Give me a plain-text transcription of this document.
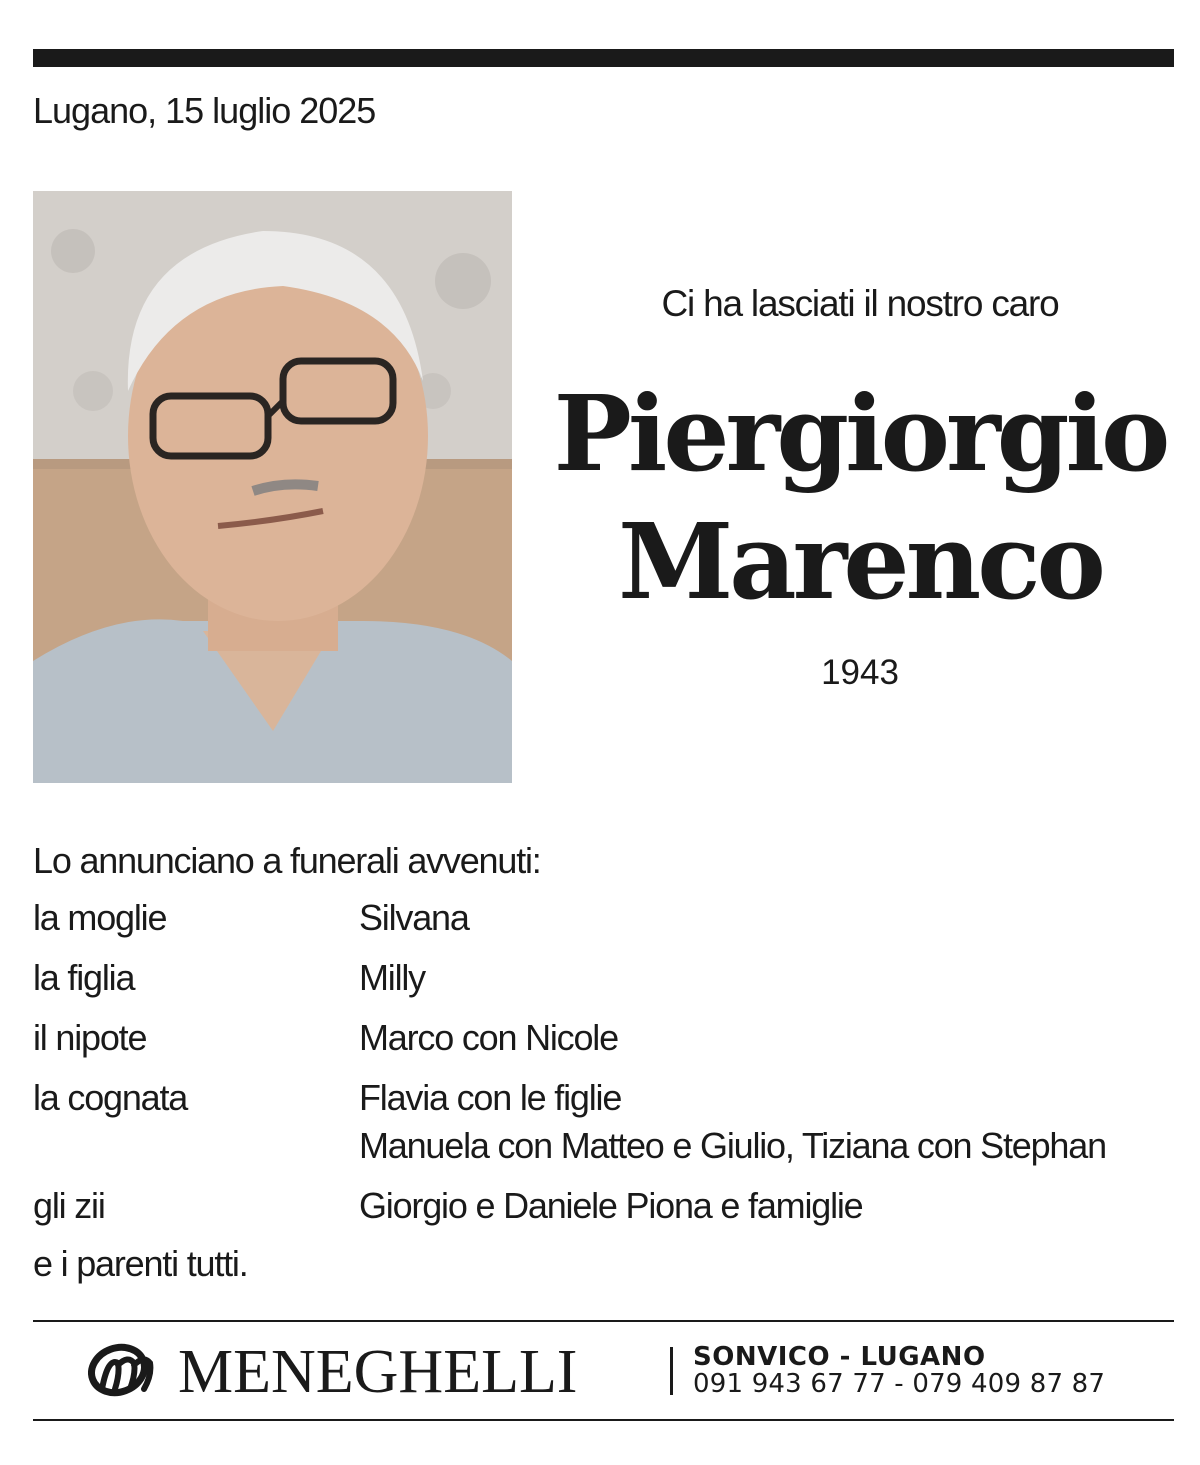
Lugano, 15 luglio 2025
Ci ha lasciati il nostro caro
Piergiorgio
Marenco
1943
Lo annunciano a funerali avvenuti:
la moglie	Silvana
la figlia	Milly
il nipote	Marco con Nicole
la cognata	Flavia con le figlie
Manuela con Matteo e Giulio, Tiziana con Stephan
gli zii	Giorgio e Daniele Piona e famiglie
e i parenti tutti.
MENEGHELLI	SONVICO - LUGANO
091 943 67 77 - 079 409 87 87
